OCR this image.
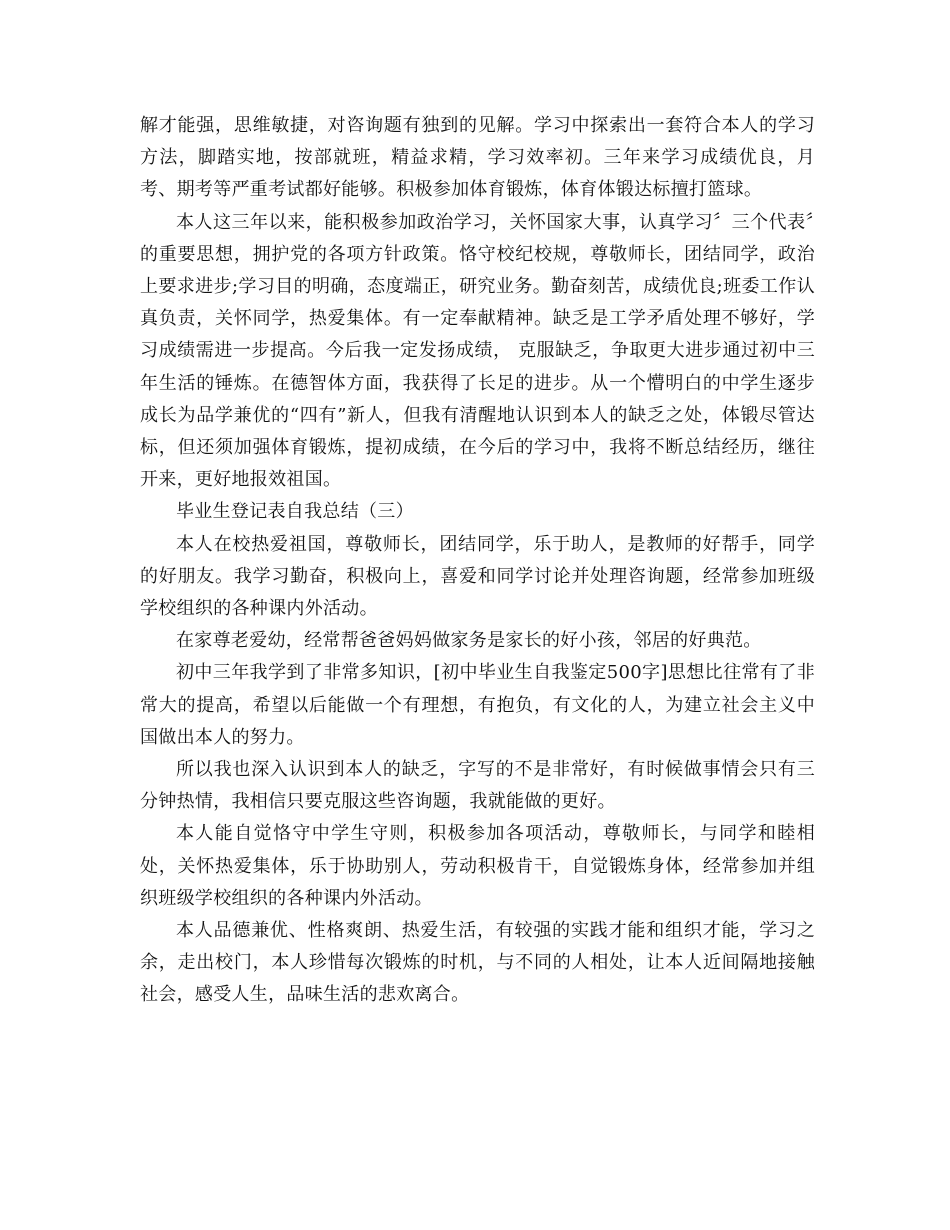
解才能强，思维敏捷，对咨询题有独到的见解。学习中探索出一套符合本人的学习方法，脚踏实地，按部就班，精益求精，学习效率初。三年来学习成绩优良，月考、期考等严重考试都好能够。积极参加体育锻炼，体育体锻达标擅打篮球。

本人这三年以来，能积极参加政治学习，关怀国家大事，认真学习〞三个代表〞的重要思想，拥护党的各项方针政策。恪守校纪校规，尊敬师长，团结同学，政治上要求进步;学习目的明确，态度端正，研究业务。勤奋刻苦，成绩优良;班委工作认真负责，关怀同学，热爱集体。有一定奉献精神。缺乏是工学矛盾处理不够好，学习成绩需进一步提高。今后我一定发扬成绩， 克服缺乏，争取更大进步通过初中三年生活的锤炼。在德智体方面，我获得了长足的进步。从一个懵明白的中学生逐步成长为品学兼优的“四有”新人，但我有清醒地认识到本人的缺乏之处，体锻尽管达标，但还须加强体育锻炼，提初成绩，在今后的学习中，我将不断总结经历，继往开来，更好地报效祖国。

毕业生登记表自我总结（三）

本人在校热爱祖国，尊敬师长，团结同学，乐于助人，是教师的好帮手，同学的好朋友。我学习勤奋，积极向上，喜爱和同学讨论并处理咨询题，经常参加班级学校组织的各种课内外活动。

在家尊老爱幼，经常帮爸爸妈妈做家务是家长的好小孩，邻居的好典范。

初中三年我学到了非常多知识，[初中毕业生自我鉴定500字]思想比往常有了非常大的提高，希望以后能做一个有理想，有抱负，有文化的人，为建立社会主义中国做出本人的努力。

所以我也深入认识到本人的缺乏，字写的不是非常好，有时候做事情会只有三分钟热情，我相信只要克服这些咨询题，我就能做的更好。

本人能自觉恪守中学生守则，积极参加各项活动，尊敬师长，与同学和睦相处，关怀热爱集体，乐于协助别人，劳动积极肯干，自觉锻炼身体，经常参加并组织班级学校组织的各种课内外活动。

本人品德兼优、性格爽朗、热爱生活，有较强的实践才能和组织才能，学习之余，走出校门，本人珍惜每次锻炼的时机，与不同的人相处，让本人近间隔地接触社会，感受人生，品味生活的悲欢离合。
